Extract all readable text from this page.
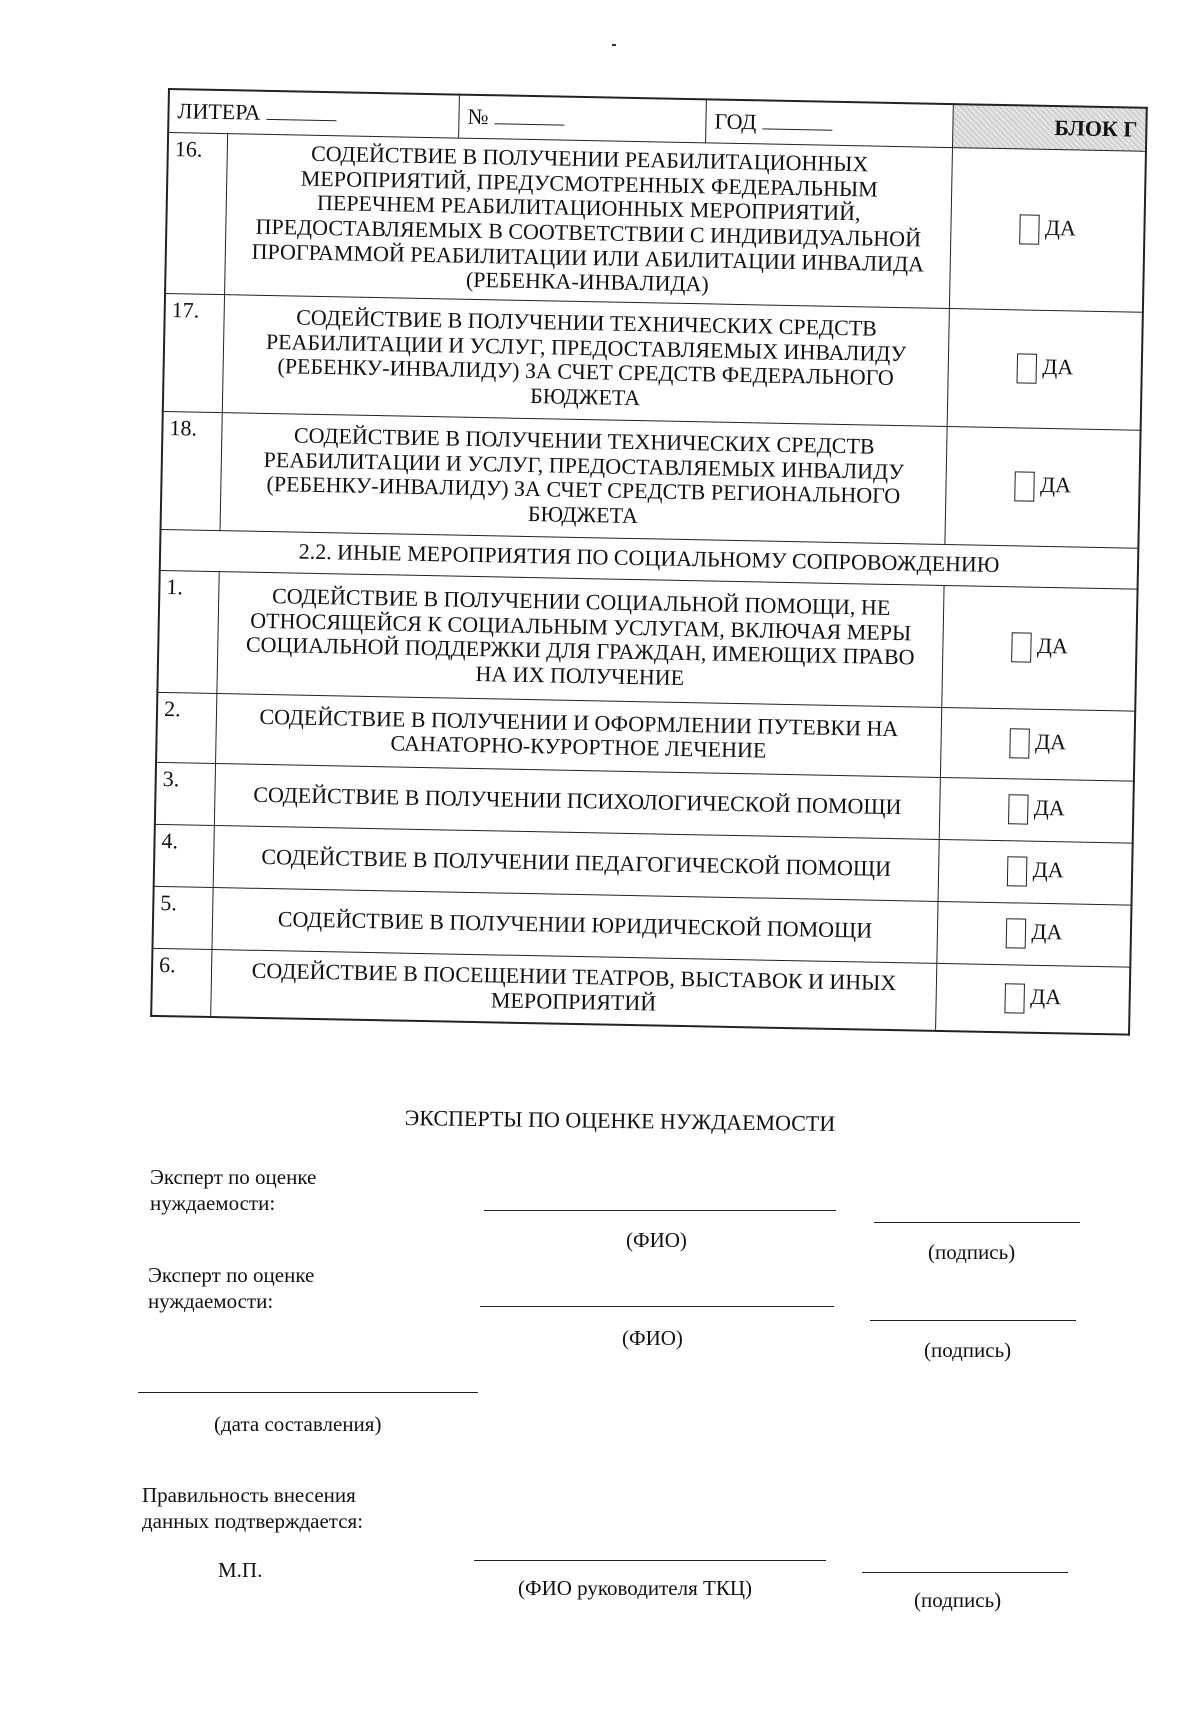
ЛИТЕРА		№	ГОД	БЛОК Г
16.	СОДЕЙСТВИЕ В ПОЛУЧЕНИИ РЕАБИЛИТАЦИОННЫХ МЕРОПРИЯТИЙ, ПРЕДУСМОТРЕННЫХ ФЕДЕРАЛЬНЫМ ПЕРЕЧНЕМ РЕАБИЛИТАЦИОННЫХ МЕРОПРИЯТИЙ, ПРЕДОСТАВЛЯЕМЫХ В СООТВЕТСТВИИ С ИНДИВИДУАЛЬНОЙ ПРОГРАММОЙ РЕАБИЛИТАЦИИ ИЛИ АБИЛИТАЦИИ ИНВАЛИДА (РЕБЕНКА-ИНВАЛИДА)			ДА
17.	СОДЕЙСТВИЕ В ПОЛУЧЕНИИ ТЕХНИЧЕСКИХ СРЕДСТВ РЕАБИЛИТАЦИИ И УСЛУГ, ПРЕДОСТАВЛЯЕМЫХ ИНВАЛИДУ (РЕБЕНКУ-ИНВАЛИДУ) ЗА СЧЕТ СРЕДСТВ ФЕДЕРАЛЬНОГО БЮДЖЕТА			ДА
18.	СОДЕЙСТВИЕ В ПОЛУЧЕНИИ ТЕХНИЧЕСКИХ СРЕДСТВ РЕАБИЛИТАЦИИ И УСЛУГ, ПРЕДОСТАВЛЯЕМЫХ ИНВАЛИДУ (РЕБЕНКУ-ИНВАЛИДУ) ЗА СЧЕТ СРЕДСТВ РЕГИОНАЛЬНОГО БЮДЖЕТА			ДА
2.2. ИНЫЕ МЕРОПРИЯТИЯ ПО СОЦИАЛЬНОМУ СОПРОВОЖДЕНИЮ				
1.	СОДЕЙСТВИЕ В ПОЛУЧЕНИИ СОЦИАЛЬНОЙ ПОМОЩИ, НЕ ОТНОСЯЩЕЙСЯ К СОЦИАЛЬНЫМ УСЛУГАМ, ВКЛЮЧАЯ МЕРЫ СОЦИАЛЬНОЙ ПОДДЕРЖКИ ДЛЯ ГРАЖДАН, ИМЕЮЩИХ ПРАВО НА ИХ ПОЛУЧЕНИЕ			ДА
2.	СОДЕЙСТВИЕ В ПОЛУЧЕНИИ И ОФОРМЛЕНИИ ПУТЕВКИ НА САНАТОРНО-КУРОРТНОЕ ЛЕЧЕНИЕ			ДА
3.	СОДЕЙСТВИЕ В ПОЛУЧЕНИИ ПСИХОЛОГИЧЕСКОЙ ПОМОЩИ			ДА
4.	СОДЕЙСТВИЕ В ПОЛУЧЕНИИ ПЕДАГОГИЧЕСКОЙ ПОМОЩИ			ДА
5.	СОДЕЙСТВИЕ В ПОЛУЧЕНИИ ЮРИДИЧЕСКОЙ ПОМОЩИ			ДА
6.	СОДЕЙСТВИЕ В ПОСЕЩЕНИИ ТЕАТРОВ, ВЫСТАВОК И ИНЫХ МЕРОПРИЯТИЙ			ДА
ЭКСПЕРТЫ ПО ОЦЕНКЕ НУЖДАЕМОСТИ
Эксперт по оценке нуждаемости:
(ФИО)	(подпись)
Эксперт по оценке нуждаемости:
(ФИО)	(подпись)
(дата составления)
Правильность внесения данных подтверждается:
М.П.
(ФИО руководителя ТКЦ)	(подпись)
